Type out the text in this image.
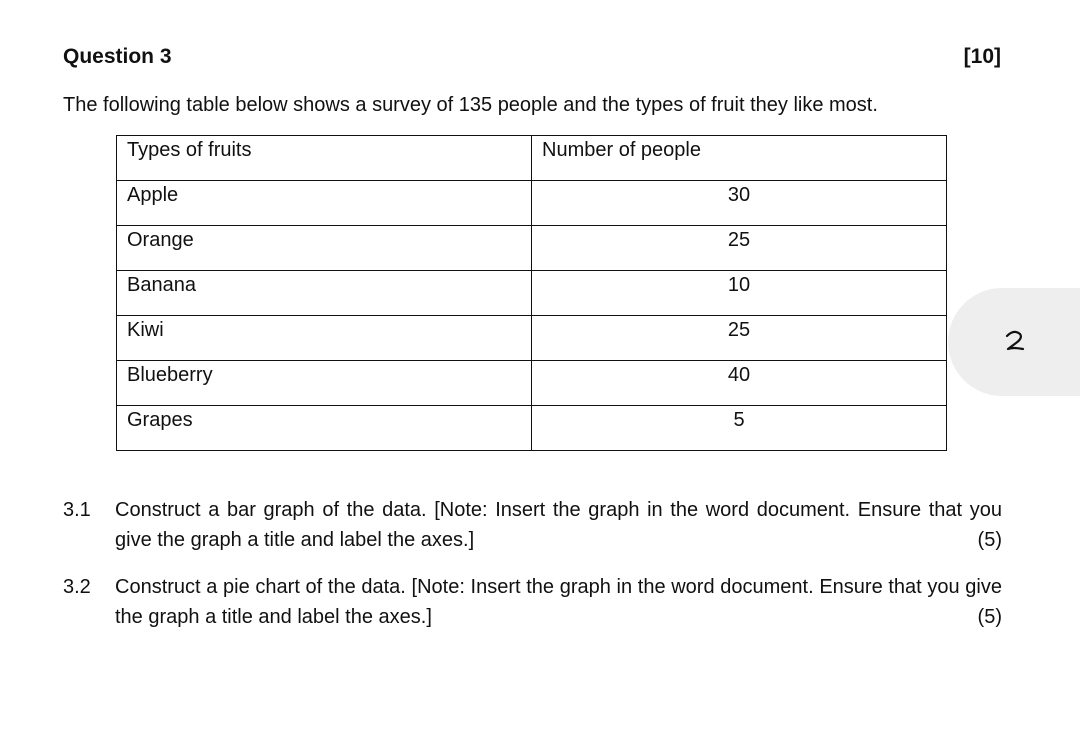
Question 3	[10]
The following table below shows a survey of 135 people and the types of fruit they like most.
Types of fruits	Number of people

Apple	30

Orange	25

Banana	10

Kiwi	25

Blueberry	40

Grapes	5
3.1 Construct a bar graph of the data. [Note: Insert the graph in the word document. Ensure that you give the graph a title and label the axes.]	(5)
3.2 Construct a pie chart of the data. [Note: Insert the graph in the word document. Ensure that you give the graph a title and label the axes.]	(5)
